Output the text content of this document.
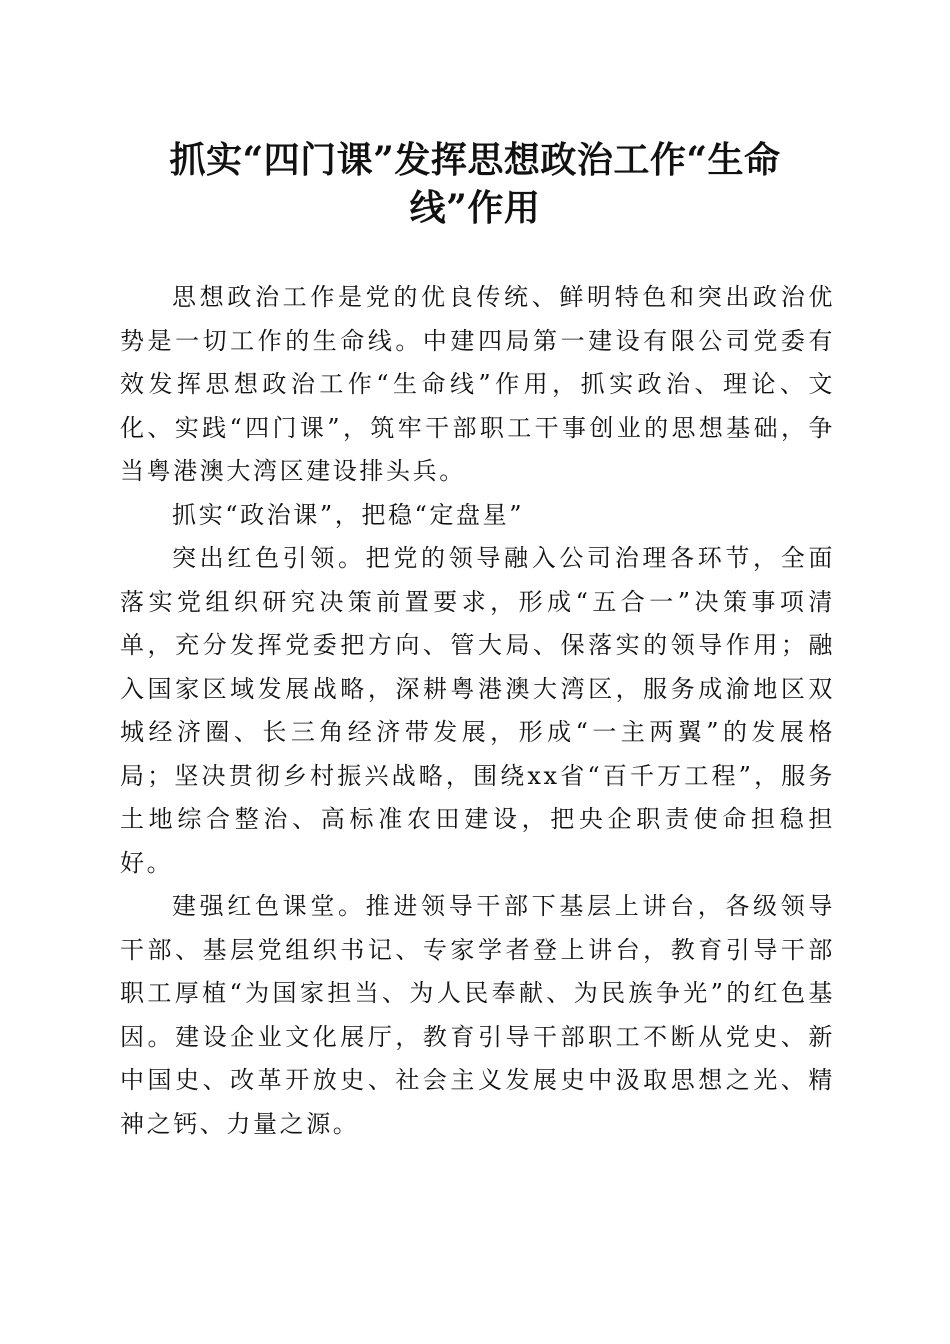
抓实“四门课”发挥思想政治工作“生命
线”作用

思想政治工作是党的优良传统、鲜明特色和突出政治优势是一切工作的生命线。中建四局第一建设有限公司党委有效发挥思想政治工作“生命线”作用，抓实政治、理论、文化、实践“四门课”，筑牢干部职工干事创业的思想基础，争当粤港澳大湾区建设排头兵。

抓实“政治课”，把稳“定盘星”

突出红色引领。把党的领导融入公司治理各环节，全面落实党组织研究决策前置要求，形成“五合一”决策事项清单，充分发挥党委把方向、管大局、保落实的领导作用；融入国家区域发展战略，深耕粤港澳大湾区，服务成渝地区双城经济圈、长三角经济带发展，形成“一主两翼”的发展格局；坚决贯彻乡村振兴战略，围绕xx省“百千万工程”，服务土地综合整治、高标准农田建设，把央企职责使命担稳担好。

建强红色课堂。推进领导干部下基层上讲台，各级领导干部、基层党组织书记、专家学者登上讲台，教育引导干部职工厚植“为国家担当、为人民奉献、为民族争光”的红色基因。建设企业文化展厅，教育引导干部职工不断从党史、新中国史、改革开放史、社会主义发展史中汲取思想之光、精神之钙、力量之源。
